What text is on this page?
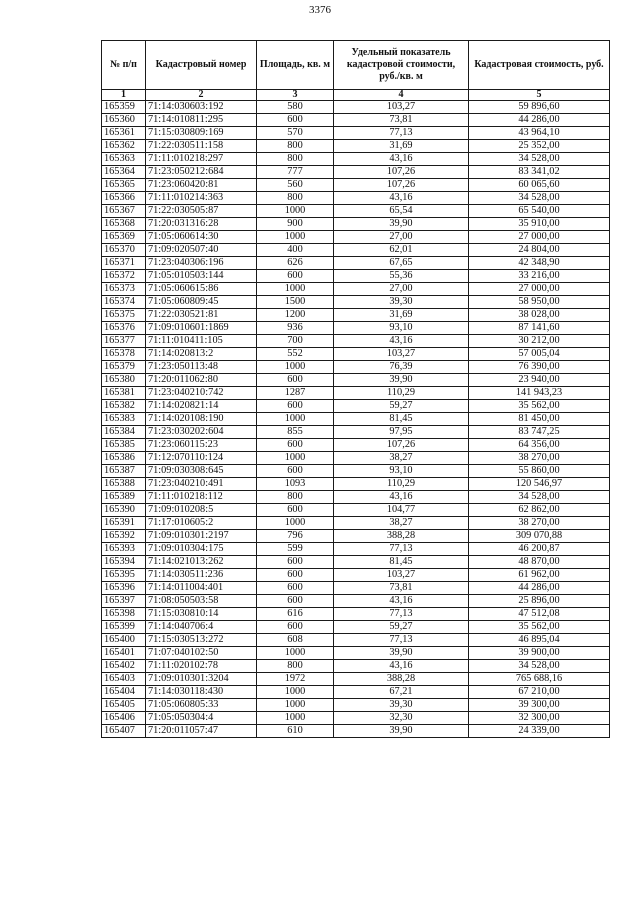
3376
№ п/п	Кадастровый номер	Площадь, кв. м	Удельный показатель кадастровой стоимости, руб./кв. м	Кадастровая стоимость, руб.
1	2	3	4	5
165359	71:14:030603:192	580	103,27	59 896,60
165360	71:14:010811:295	600	73,81	44 286,00
165361	71:15:030809:169	570	77,13	43 964,10
165362	71:22:030511:158	800	31,69	25 352,00
165363	71:11:010218:297	800	43,16	34 528,00
165364	71:23:050212:684	777	107,26	83 341,02
165365	71:23:060420:81	560	107,26	60 065,60
165366	71:11:010214:363	800	43,16	34 528,00
165367	71:22:030505:87	1000	65,54	65 540,00
165368	71:20:031316:28	900	39,90	35 910,00
165369	71:05:060614:30	1000	27,00	27 000,00
165370	71:09:020507:40	400	62,01	24 804,00
165371	71:23:040306:196	626	67,65	42 348,90
165372	71:05:010503:144	600	55,36	33 216,00
165373	71:05:060615:86	1000	27,00	27 000,00
165374	71:05:060809:45	1500	39,30	58 950,00
165375	71:22:030521:81	1200	31,69	38 028,00
165376	71:09:010601:1869	936	93,10	87 141,60
165377	71:11:010411:105	700	43,16	30 212,00
165378	71:14:020813:2	552	103,27	57 005,04
165379	71:23:050113:48	1000	76,39	76 390,00
165380	71:20:011062:80	600	39,90	23 940,00
165381	71:23:040210:742	1287	110,29	141 943,23
165382	71:14:020821:14	600	59,27	35 562,00
165383	71:14:020108:190	1000	81,45	81 450,00
165384	71:23:030202:604	855	97,95	83 747,25
165385	71:23:060115:23	600	107,26	64 356,00
165386	71:12:070110:124	1000	38,27	38 270,00
165387	71:09:030308:645	600	93,10	55 860,00
165388	71:23:040210:491	1093	110,29	120 546,97
165389	71:11:010218:112	800	43,16	34 528,00
165390	71:09:010208:5	600	104,77	62 862,00
165391	71:17:010605:2	1000	38,27	38 270,00
165392	71:09:010301:2197	796	388,28	309 070,88
165393	71:09:010304:175	599	77,13	46 200,87
165394	71:14:021013:262	600	81,45	48 870,00
165395	71:14:030511:236	600	103,27	61 962,00
165396	71:14:011004:401	600	73,81	44 286,00
165397	71:08:050503:58	600	43,16	25 896,00
165398	71:15:030810:14	616	77,13	47 512,08
165399	71:14:040706:4	600	59,27	35 562,00
165400	71:15:030513:272	608	77,13	46 895,04
165401	71:07:040102:50	1000	39,90	39 900,00
165402	71:11:020102:78	800	43,16	34 528,00
165403	71:09:010301:3204	1972	388,28	765 688,16
165404	71:14:030118:430	1000	67,21	67 210,00
165405	71:05:060805:33	1000	39,30	39 300,00
165406	71:05:050304:4	1000	32,30	32 300,00
165407	71:20:011057:47	610	39,90	24 339,00
